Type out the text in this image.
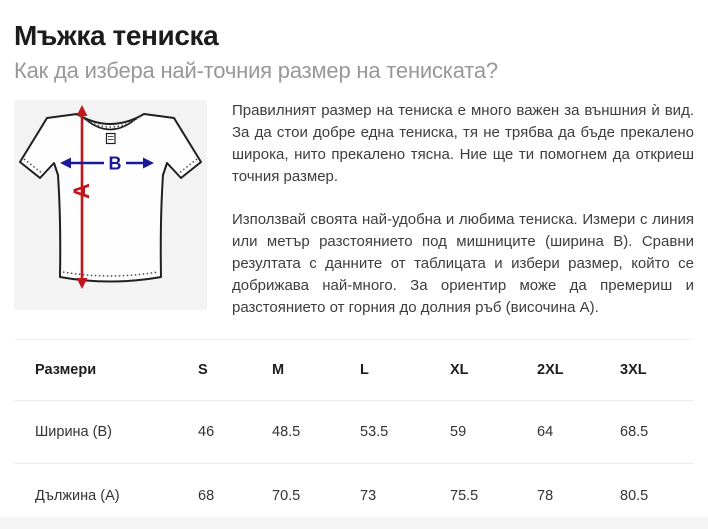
Мъжка тениска
Как да избера най-точния размер на тениската?
A
B

Правилният размер на тениска е много важен за външния ѝ вид. За да стои добре една тениска, тя не трябва да бъде прекалено широка, нито прекалено тясна. Ние ще ти помогнем да откриеш точния размер.

Използвай своята най-удобна и любима тениска. Измери с линия или метър разстоянието под мишниците (ширина B). Сравни резултата с данните от таблицата и избери размер, който се добрижава най-много. За ориентир може да премериш и разстоянието от горния до долния ръб (височина А).

Размери	S	M	L	XL	2XL	3XL
Ширина (B)	46	48.5	53.5	59	64	68.5
Дължина (А)	68	70.5	73	75.5	78	80.5
